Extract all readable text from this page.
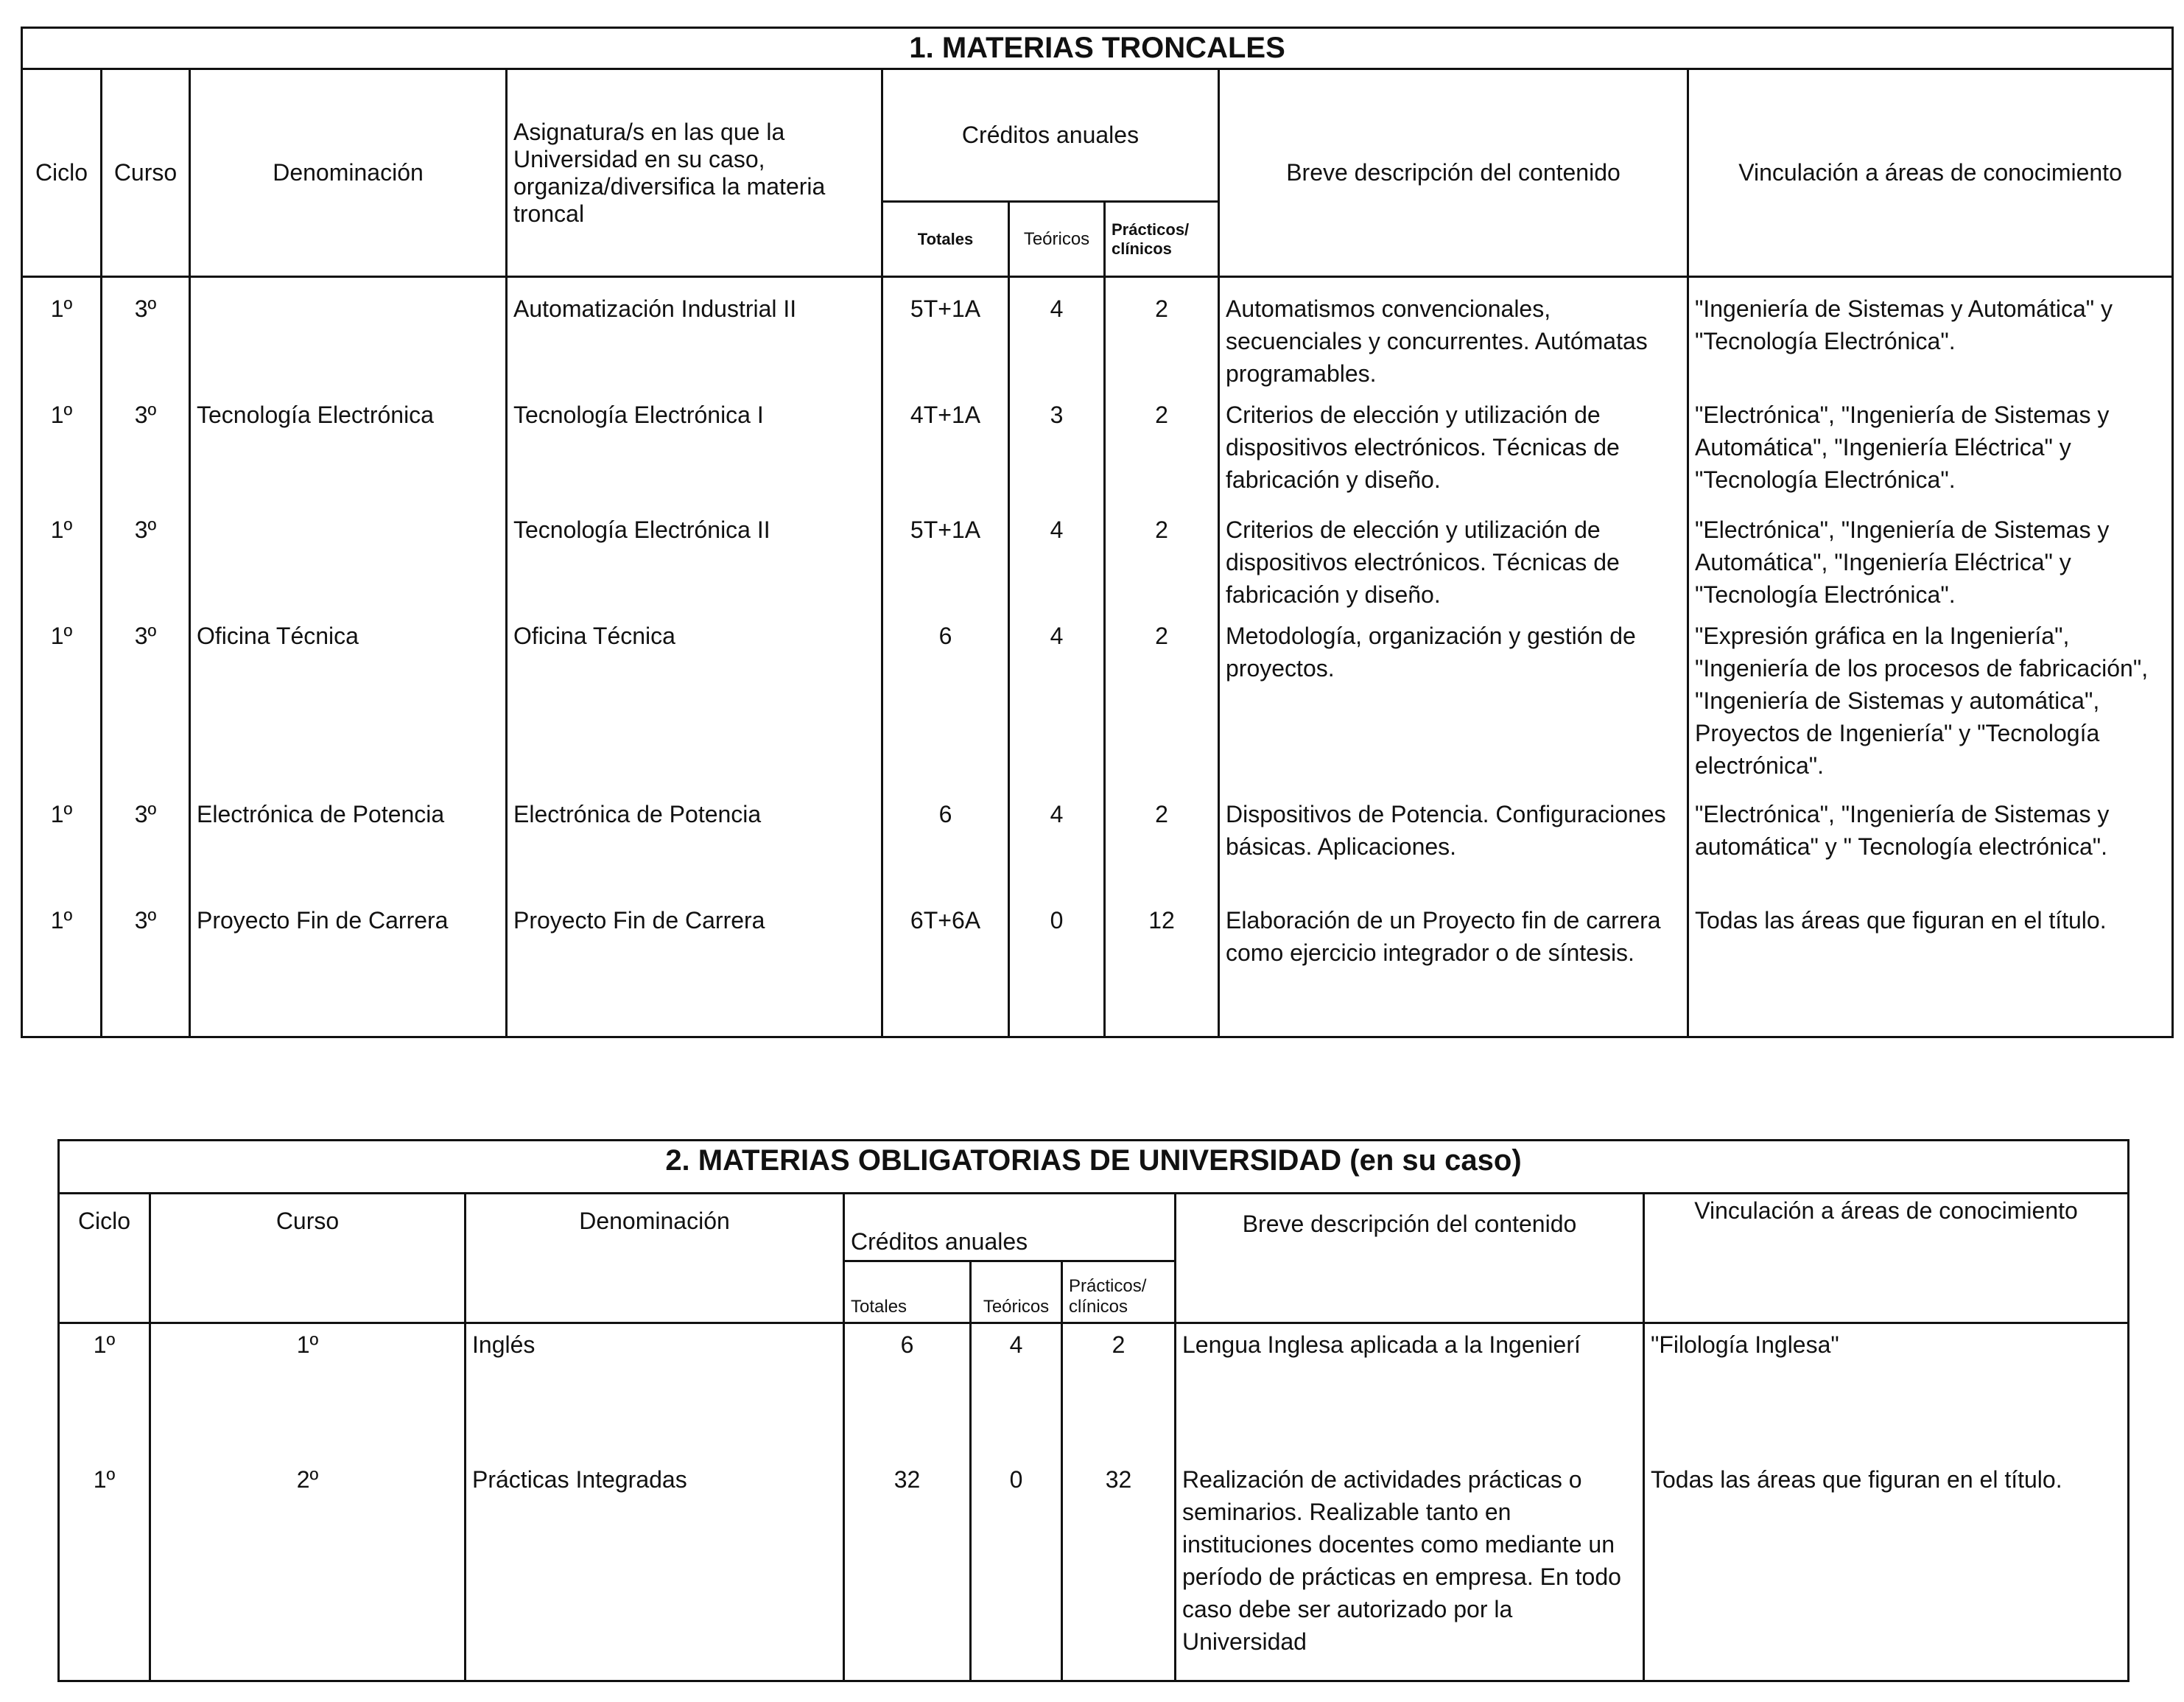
1. MATERIAS TRONCALES								
Ciclo	Curso	Denominación	Asignatura/s en las que la Universidad en su caso, organiza/diversifica la materia troncal	Créditos anuales			Breve descripción del contenido	Vinculación a áreas de conocimiento
				Totales	Teóricos	Prácticos/ clínicos		
1º	3º		Automatización Industrial II	5T+1A	4	2	Automatismos convencionales, secuenciales y concurrentes. Autómatas programables.	"Ingeniería de Sistemas y Automática" y "Tecnología Electrónica".
1º	3º	Tecnología Electrónica	Tecnología Electrónica I	4T+1A	3	2	Criterios de elección y utilización de dispositivos electrónicos. Técnicas de fabricación y diseño.	"Electrónica", "Ingeniería de Sistemas y Automática", "Ingeniería Eléctrica" y "Tecnología Electrónica".
1º	3º		Tecnología Electrónica II	5T+1A	4	2	Criterios de elección y utilización de dispositivos electrónicos. Técnicas de fabricación y diseño.	"Electrónica", "Ingeniería de Sistemas y Automática", "Ingeniería Eléctrica" y "Tecnología Electrónica".
1º	3º	Oficina Técnica	Oficina Técnica	6	4	2	Metodología, organización y gestión de proyectos.	"Expresión gráfica en la Ingeniería", "Ingeniería de los procesos de fabricación", "Ingeniería de Sistemas y automática", Proyectos de Ingeniería" y "Tecnología electrónica".
1º	3º	Electrónica de Potencia	Electrónica de Potencia	6	4	2	Dispositivos de Potencia. Configuraciones básicas. Aplicaciones.	"Electrónica", "Ingeniería de Sistemas y automática" y " Tecnología electrónica".
1º	3º	Proyecto Fin de Carrera	Proyecto Fin de Carrera	6T+6A	0	12	Elaboración de un Proyecto fin de carrera como ejercicio integrador o de síntesis.	Todas las áreas que figuran en el título.
2. MATERIAS OBLIGATORIAS DE UNIVERSIDAD (en su caso)							
Ciclo	Curso	Denominación	Créditos anuales			Breve descripción del contenido	Vinculación a áreas de conocimiento
			Totales	Teóricos	Prácticos/ clínicos		
1º	1º	Inglés	6	4	2	Lengua Inglesa aplicada a la Ingenierí	"Filología Inglesa"
1º	2º	Prácticas Integradas	32	0	32	Realización de actividades prácticas o seminarios. Realizable tanto en instituciones docentes como mediante un período de prácticas en empresa. En todo caso debe ser autorizado por la Universidad	Todas las áreas que figuran en el título.
